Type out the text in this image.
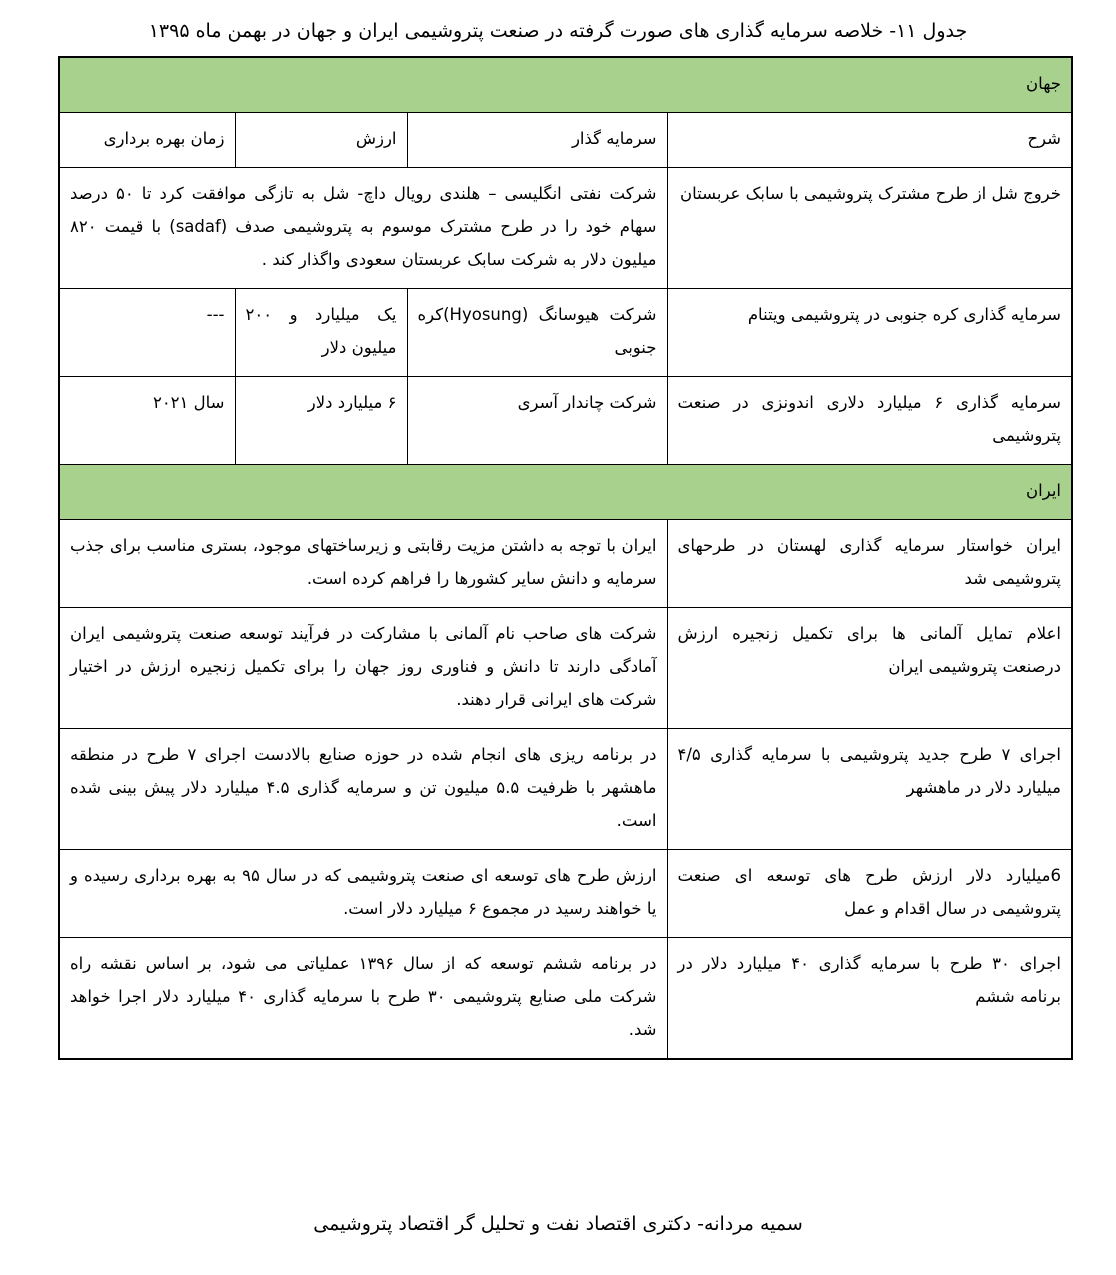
جدول ۱۱- خلاصه سرمایه گذاری های صورت گرفته در صنعت پتروشیمی ایران و جهان در بهمن ماه ۱۳۹۵
جهان			
شرح	سرمایه گذار	ارزش	زمان بهره برداری
خروج شل از طرح مشترک پتروشیمی با سابک عربستان	شرکت نفتی انگلیسی – هلندی رویال داچ- شل به تازگی موافقت کرد تا ۵۰ درصد سهام خود را در طرح مشترک موسوم به پتروشیمی صدف (sadaf) با قیمت ۸۲۰ میلیون دلار به شرکت سابک عربستان سعودی واگذار کند .		
سرمایه گذاری کره جنوبی در پتروشیمی ویتنام	شرکت هیوسانگ (Hyosung)کره جنوبی	یک میلیارد و ۲۰۰ میلیون دلار	---
سرمایه گذاری ۶ میلیارد دلاری اندونزی در صنعت پتروشیمی	شرکت چاندار آسری	۶ میلیارد دلار	سال ۲۰۲۱
ایران			
ایران خواستار سرمایه گذاری لهستان در طرحهای پتروشیمی شد	ایران با توجه به داشتن مزیت رقابتی و زیرساختهای موجود، بستری مناسب برای جذب سرمایه و دانش سایر کشورها را فراهم کرده است.		
اعلام تمایل آلمانی ها برای تکمیل زنجیره ارزش درصنعت پتروشیمی ایران	شرکت های صاحب نام آلمانی با مشارکت در فرآیند توسعه صنعت پتروشیمی ایران آمادگی دارند تا دانش و فناوری روز جهان را برای تکمیل زنجیره ارزش در اختیار شرکت های ایرانی قرار دهند.		
اجرای ۷ طرح جدید پتروشیمی با سرمایه گذاری ۴/۵ میلیارد دلار در ماهشهر	در برنامه ریزی های انجام شده در حوزه صنایع بالادست اجرای ۷ طرح در منطقه ماهشهر با ظرفیت ۵.۵ میلیون تن و سرمایه گذاری ۴.۵ میلیارد دلار پیش بینی شده است.		
6میلیارد دلار ارزش طرح های توسعه ای صنعت پتروشیمی در سال اقدام و عمل	ارزش طرح های توسعه ای صنعت پتروشیمی که در سال ۹۵ به بهره برداری رسیده و یا خواهند رسید در مجموع ۶ میلیارد دلار است.		
اجرای ۳۰ طرح با سرمایه گذاری ۴۰ میلیارد دلار در برنامه ششم	در برنامه ششم توسعه که از سال ۱۳۹۶ عملیاتی می شود، بر اساس نقشه راه شرکت ملی صنایع پتروشیمی ۳۰ طرح با سرمایه گذاری ۴۰ میلیارد دلار اجرا خواهد شد.		
سمیه مردانه- دکتری اقتصاد نفت و تحلیل گر اقتصاد پتروشیمی
